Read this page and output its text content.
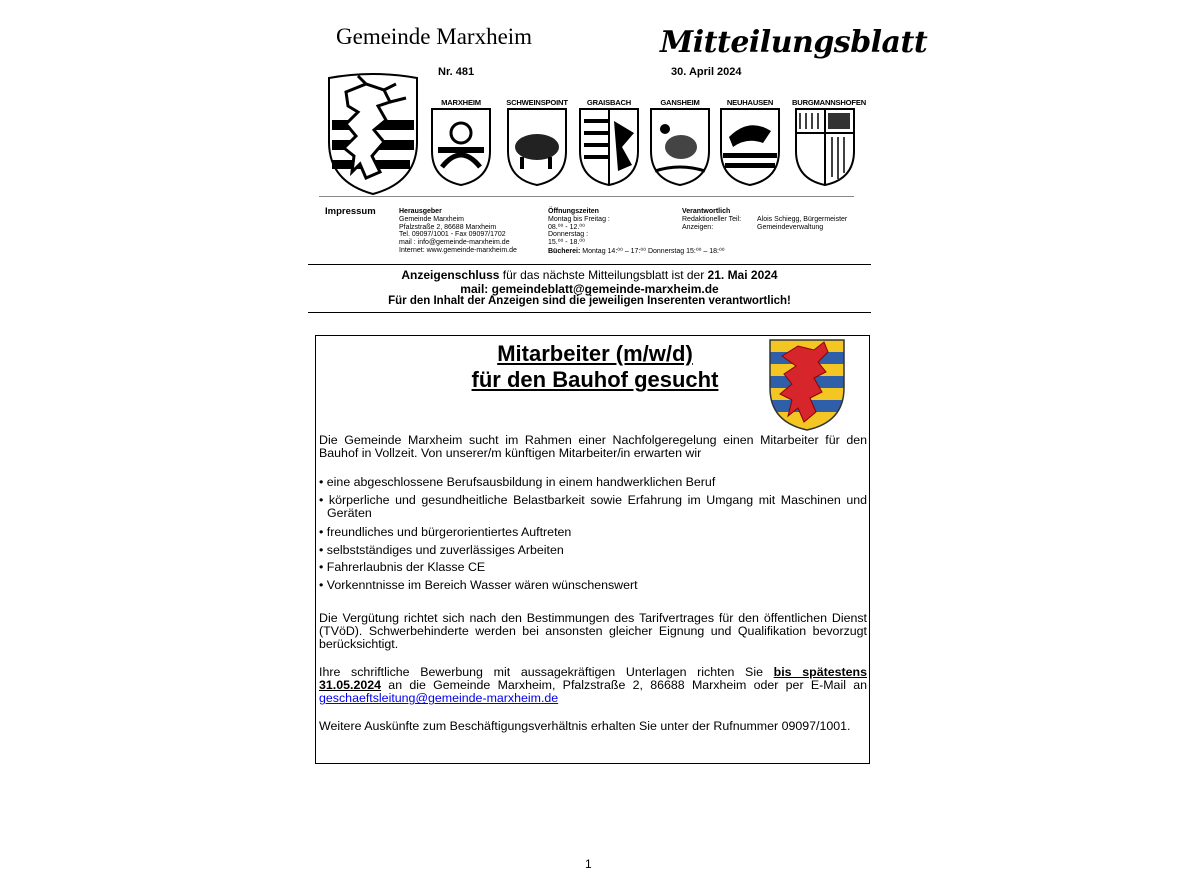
Gemeinde Marxheim	Mitteilungsblatt
Nr. 481	30. April 2024
MARXHEIM	SCHWEINSPOINT	GRAISBACH	GANSHEIM	NEUHAUSEN	BURGMANNSHOFEN
Impressum	Herausgeber
Gemeinde Marxheim
Pfalzstraße 2, 86688 Marxheim
Tel. 09097/1001 - Fax 09097/1702
mail : info@gemeinde-marxheim.de
Internet: www.gemeinde-marxheim.de
Öffnungszeiten
Montag bis Freitag :
08.⁰⁰ - 12.⁰⁰
Donnerstag :
15.⁰⁰ - 18.⁰⁰
Bücherei: Montag 14:⁰⁰ – 17:⁰⁰ Donnerstag 15:⁰⁰ – 18:⁰⁰
Verantwortlich
Redaktioneller Teil: Alois Schiegg, Bürgermeister
Anzeigen:	Gemeindeverwaltung
Anzeigenschluss für das nächste Mitteilungsblatt ist der 21. Mai 2024
mail: gemeindeblatt@gemeinde-marxheim.de
Für den Inhalt der Anzeigen sind die jeweiligen Inserenten verantwortlich!
Mitarbeiter (m/w/d)
für den Bauhof gesucht
Die Gemeinde Marxheim sucht im Rahmen einer Nachfolgeregelung einen Mitarbeiter für den Bauhof in Vollzeit. Von unserer/m künftigen Mitarbeiter/in erwarten wir
• eine abgeschlossene Berufsausbildung in einem handwerklichen Beruf
• körperliche und gesundheitliche Belastbarkeit sowie Erfahrung im Umgang mit Maschinen und Geräten
• freundliches und bürgerorientiertes Auftreten
• selbstständiges und zuverlässiges Arbeiten
• Fahrerlaubnis der Klasse CE
• Vorkenntnisse im Bereich Wasser wären wünschenswert
Die Vergütung richtet sich nach den Bestimmungen des Tarifvertrages für den öffentlichen Dienst (TVöD). Schwerbehinderte werden bei ansonsten gleicher Eignung und Qualifikation bevorzugt berücksichtigt.
Ihre schriftliche Bewerbung mit aussagekräftigen Unterlagen richten Sie bis spätestens 31.05.2024 an die Gemeinde Marxheim, Pfalzstraße 2, 86688 Marxheim oder per E-Mail an geschaeftsleitung@gemeinde-marxheim.de
Weitere Auskünfte zum Beschäftigungsverhältnis erhalten Sie unter der Rufnummer 09097/1001.
1
